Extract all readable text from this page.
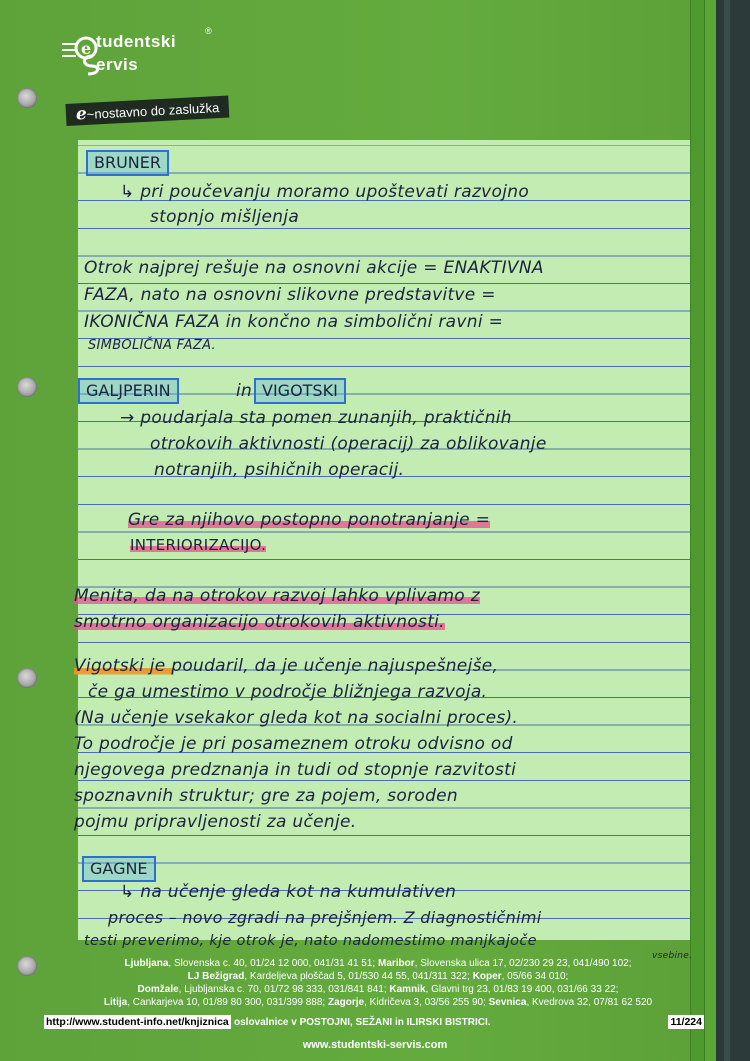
e tudentski
ervis
®
e~nostavno do zaslužka
BRUNER
↳ pri poučevanju moramo upoštevati razvojno
stopnjo mišljenja
Otrok najprej rešuje na osnovni akcije = ENAKTIVNA
FAZA, nato na osnovni slikovne predstavitve =
IKONIČNA FAZA in končno na simbolični ravni =
SIMBOLIČNA FAZA.
GALJPERIN	in VIGOTSKI
→ poudarjala sta pomen zunanjih, praktičnih
otrokovih aktivnosti (operacij) za oblikovanje
notranjih, psihičnih operacij.
Gre za njihovo postopno ponotranjanje =
INTERIORIZACIJO.
Menita, da na otrokov razvoj lahko vplivamo z
smotrno organizacijo otrokovih aktivnosti.
Vigotski je poudaril, da je učenje najuspešnejše,
če ga umestimo v področje bližnjega razvoja.
(Na učenje vsekakor gleda kot na socialni proces).
To področje je pri posameznem otroku odvisno od
njegovega predznanja in tudi od stopnje razvitosti
spoznavnih struktur; gre za pojem, soroden
pojmu pripravljenosti za učenje.
GAGNE
↳ na učenje gleda kot na kumulativen
proces – novo zgradi na prejšnjem. Z diagnostičnimi
testi preverimo, kje otrok je, nato nadomestimo manjkajoče
vsebine.
Ljubljana, Slovenska c. 40, 01/24 12 000, 041/31 41 51; Maribor, Slovenska ulica 17, 02/230 29 23, 041/490 102;
LJ Bežigrad, Kardeljeva ploščad 5, 01/530 44 55, 041/311 322; Koper, 05/66 34 010;
Domžale, Ljubljanska c. 70, 01/72 98 333, 031/841 841; Kamnik, Glavni trg 23, 01/83 19 400, 031/66 33 22;
Litija, Cankarjeva 10, 01/89 80 300, 031/399 888; Zagorje, Kidričeva 3, 03/56 255 90; Sevnica, Kvedrova 32, 07/81 62 520
http://www.student-info.net/knjiznica oslovalnice v POSTOJNI, SEŽANI in ILIRSKI BISTRICI.	11/224
www.studentski-servis.com
